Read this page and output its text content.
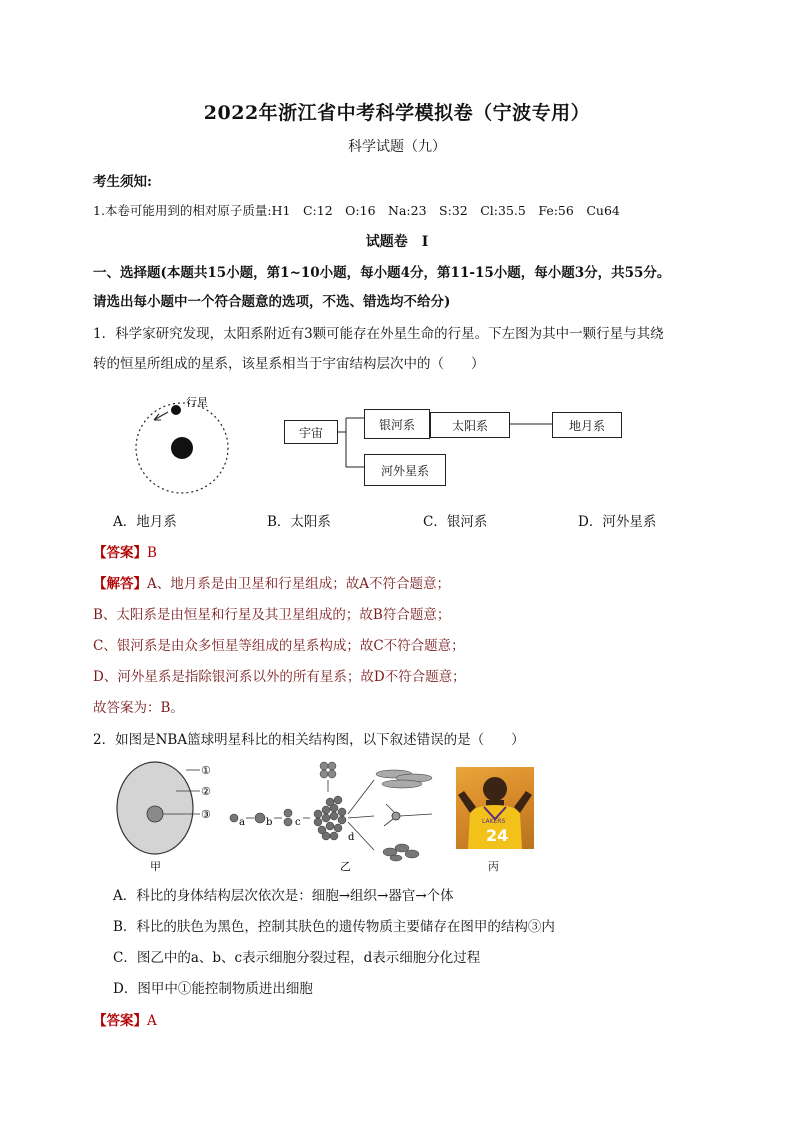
2022年浙江省中考科学模拟卷（宁波专用）
科学试题（九）
考生须知:
1.本卷可能用到的相对原子质量:H1　C:12　O:16　Na:23　S:32　Cl:35.5　Fe:56　Cu64
试题卷　I
一、选择题(本题共15小题，第1~10小题，每小题4分，第11-15小题，每小题3分，共55分。
请选出每小题中一个符合题意的选项，不选、错选均不给分)
1．科学家研究发现，太阳系附近有3颗可能存在外星生命的行星。下左图为其中一颗行星与其绕
转的恒星所组成的星系，该星系相当于宇宙结构层次中的（　　）
行星
宇宙
银河系	太阳系	地月系
河外星系
A．地月系	B．太阳系	C．银河系	D．河外星系
【答案】B
【解答】A、地月系是由卫星和行星组成；故A不符合题意；
B、太阳系是由恒星和行星及其卫星组成的；故B符合题意；
C、银河系是由众多恒星等组成的星系构成；故C不符合题意；
D、河外星系是指除银河系以外的所有星系；故D不符合题意；
故答案为：B。
2．如图是NBA篮球明星科比的相关结构图，以下叙述错误的是（　　）
①
②
③
甲
a b c
d
乙
LAKERS
24
丙
A．科比的身体结构层次依次是：细胞→组织→器官→个体
B．科比的肤色为黑色，控制其肤色的遗传物质主要储存在图甲的结构③内
C．图乙中的a、b、c表示细胞分裂过程，d表示细胞分化过程
D．图甲中①能控制物质进出细胞
【答案】A
